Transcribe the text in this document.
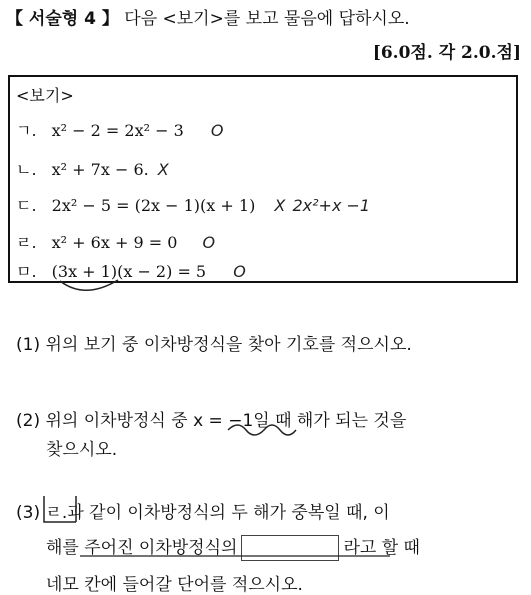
【 서술형 4 】 다음 <보기>를 보고 물음에 답하시오.
[6.0점. 각 2.0.점]
<보기>
ㄱ. x² − 2 = 2x² − 3 O
ㄴ. x² + 7x − 6. X
ㄷ. 2x² − 5 = (2x − 1)(x + 1) X 2x²+x −1
ㄹ. x² + 6x + 9 = 0 O
ㅁ. (3x + 1)(x − 2) = 5 O
(1) 위의 보기 중 이차방정식을 찾아 기호를 적으시오.
(2) 위의 이차방정식 중 x = −1일 때 해가 되는 것을
찾으시오.
(3) ㄹ.과 같이 이차방정식의 두 해가 중복일 때, 이
해를 주어진 이차방정식의	라고 할 때
네모 칸에 들어갈 단어를 적으시오.
